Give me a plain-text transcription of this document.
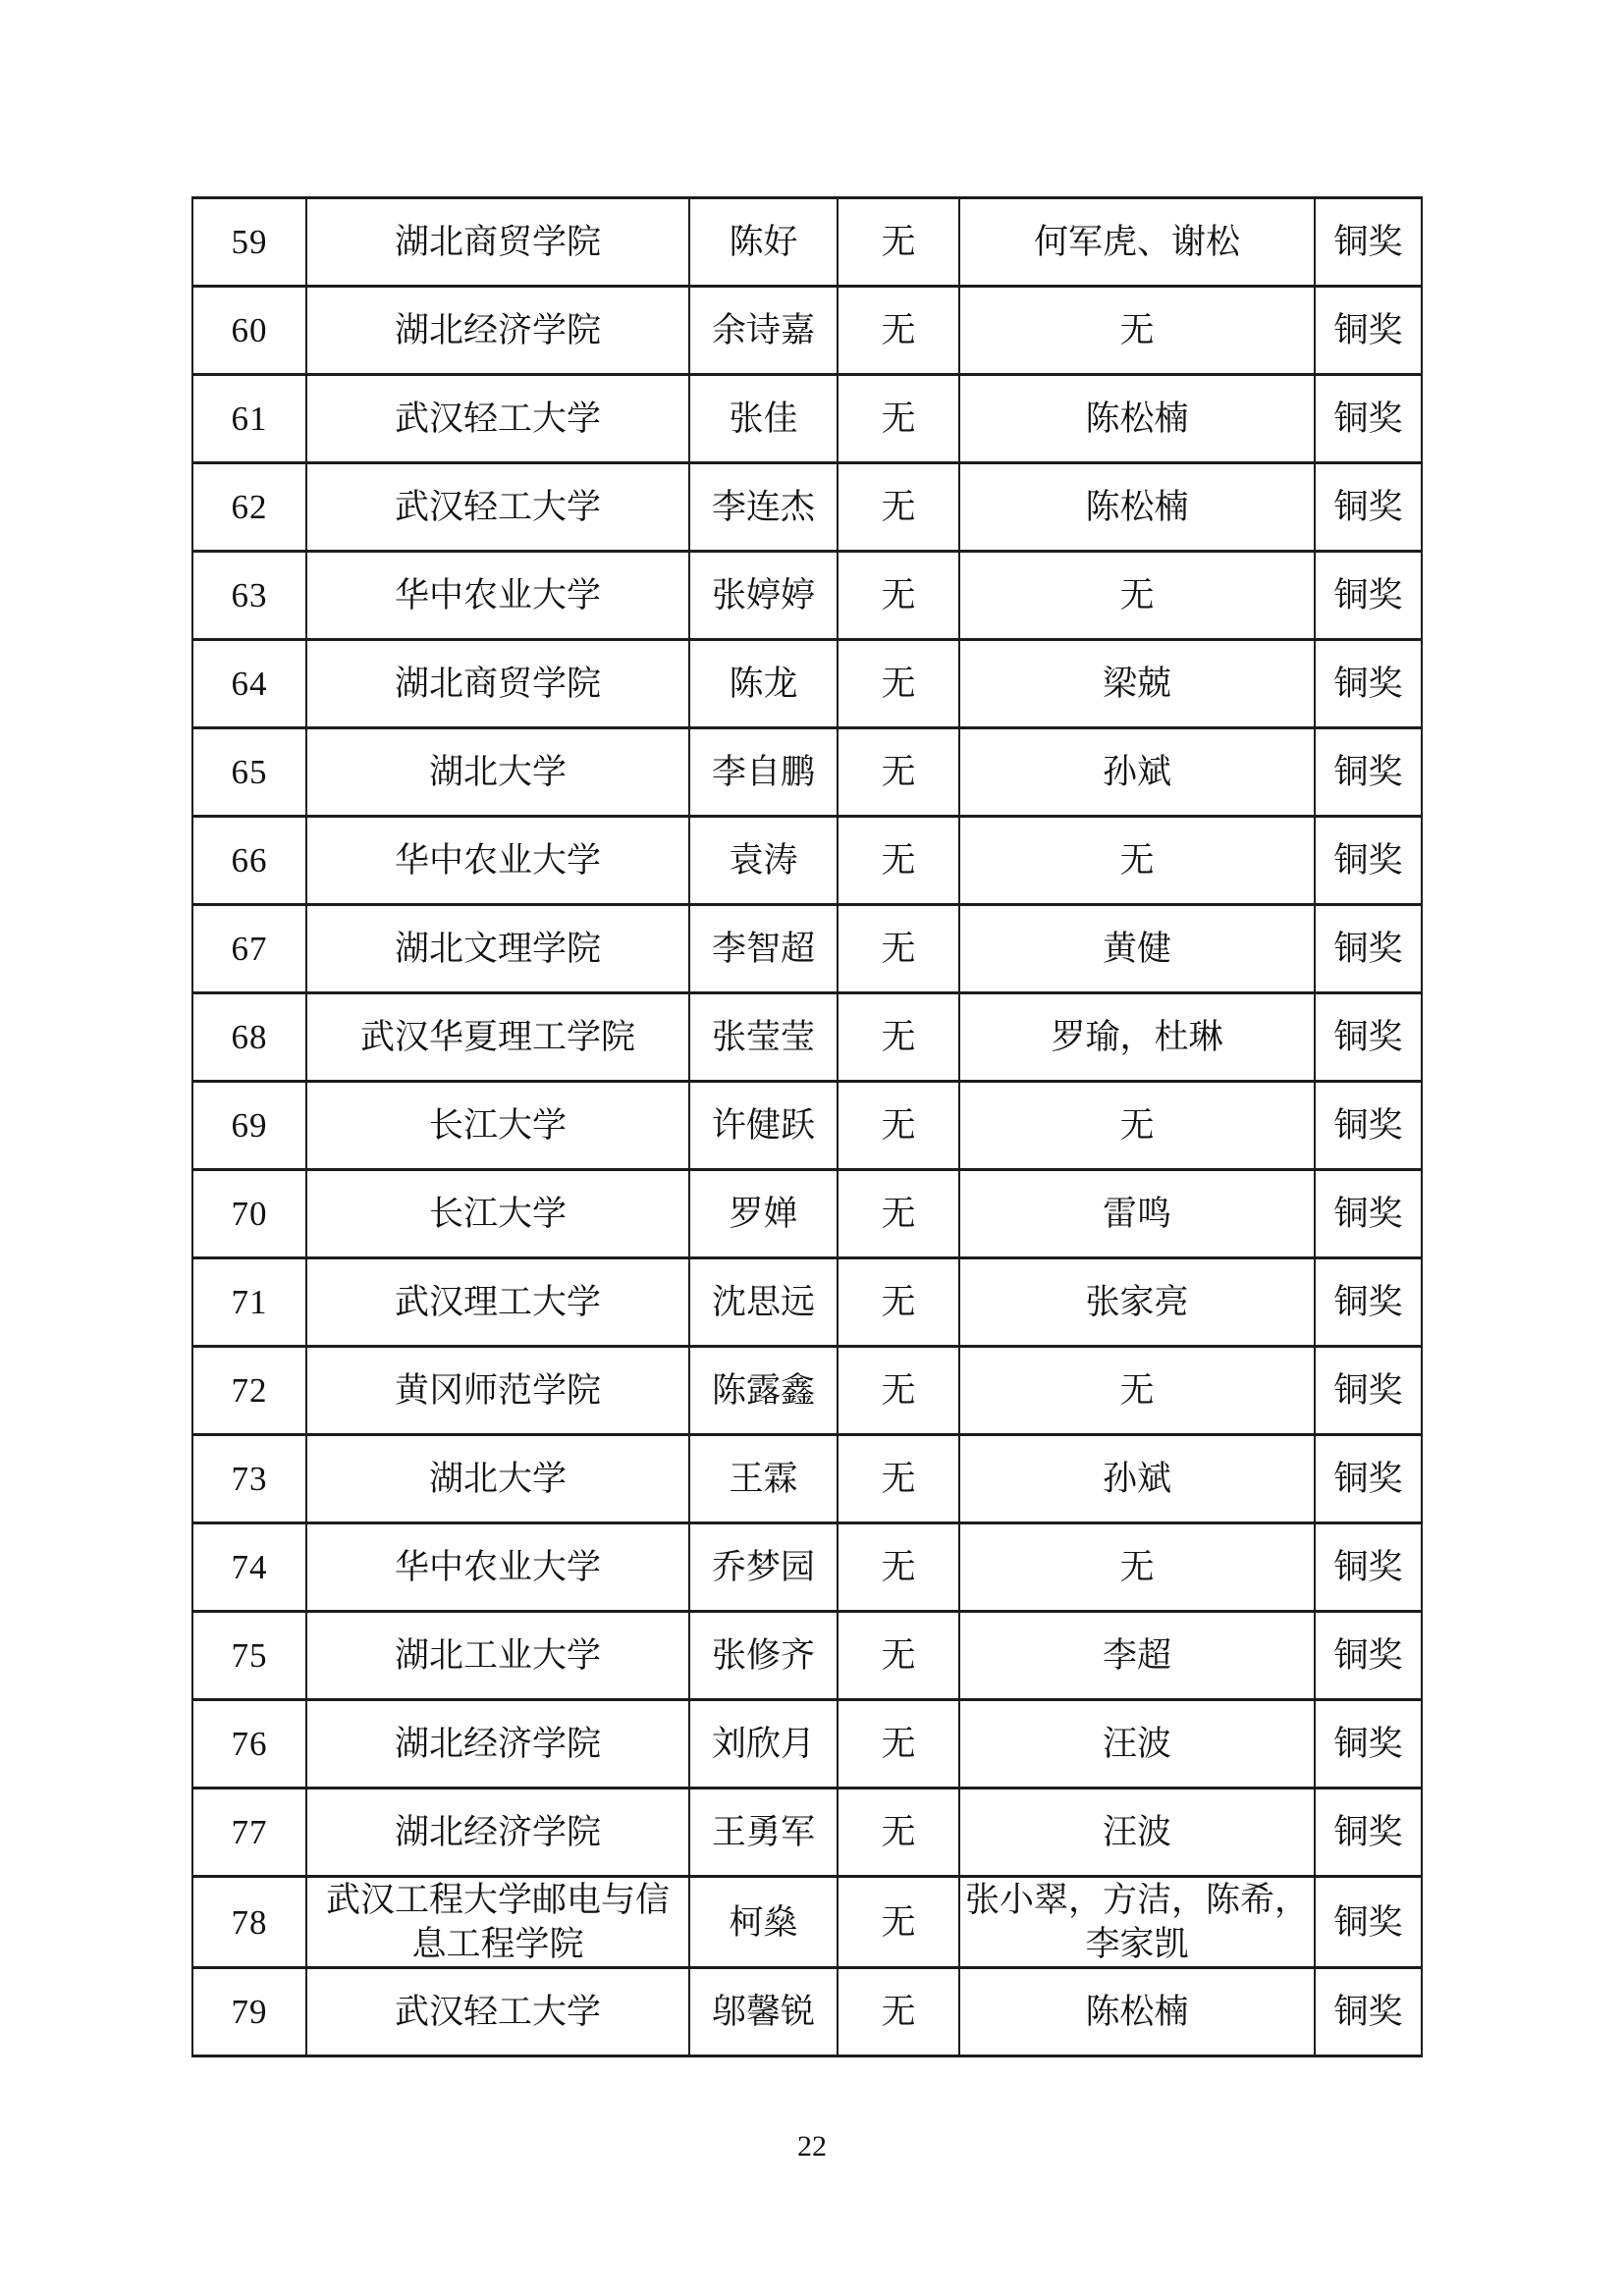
59	湖北商贸学院	陈好	无	何军虎、谢松	铜奖
60	湖北经济学院	余诗嘉	无	无	铜奖
61	武汉轻工大学	张佳	无	陈松楠	铜奖
62	武汉轻工大学	李连杰	无	陈松楠	铜奖
63	华中农业大学	张婷婷	无	无	铜奖
64	湖北商贸学院	陈龙	无	梁兢	铜奖
65	湖北大学	李自鹏	无	孙斌	铜奖
66	华中农业大学	袁涛	无	无	铜奖
67	湖北文理学院	李智超	无	黄健	铜奖
68	武汉华夏理工学院	张莹莹	无	罗瑜，杜琳	铜奖
69	长江大学	许健跃	无	无	铜奖
70	长江大学	罗婵	无	雷鸣	铜奖
71	武汉理工大学	沈思远	无	张家亮	铜奖
72	黄冈师范学院	陈露鑫	无	无	铜奖
73	湖北大学	王霖	无	孙斌	铜奖
74	华中农业大学	乔梦园	无	无	铜奖
75	湖北工业大学	张修齐	无	李超	铜奖
76	湖北经济学院	刘欣月	无	汪波	铜奖
77	湖北经济学院	王勇军	无	汪波	铜奖
78	武汉工程大学邮电与信息工程学院	柯燊	无	张小翠，方洁，陈希，李家凯	铜奖
79	武汉轻工大学	邬馨锐	无	陈松楠	铜奖
22
